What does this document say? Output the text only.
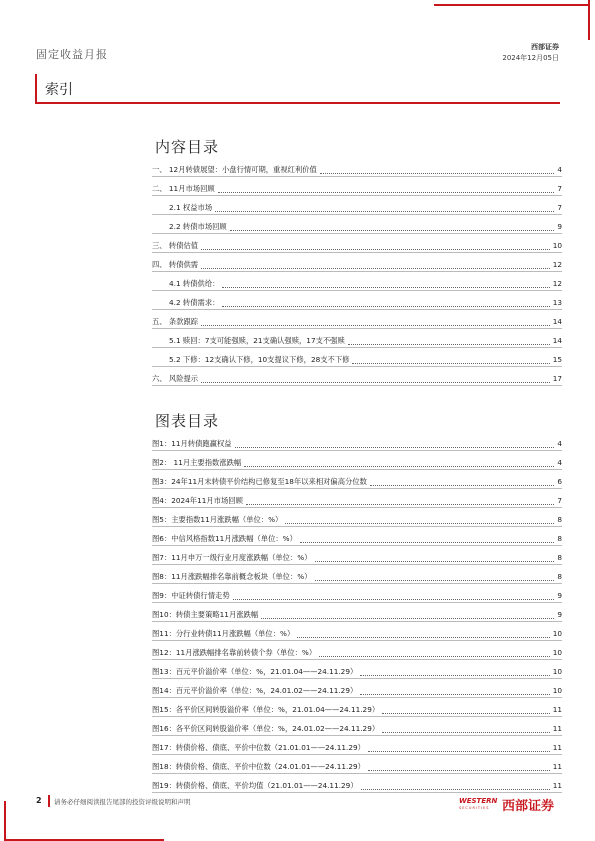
固定收益月报
西部证券
2024年12月05日
索引
内容目录
一、 12月转债展望：小盘行情可期，重视红利价值	4
二、 11月市场回顾	7
2.1 权益市场	7
2.2 转债市场回顾	9
三、 转债估值	10
四、 转债供需	12
4.1 转债供给：	12
4.2 转债需求：	13
五、 条款跟踪	14
5.1 赎回：7支可能强赎，21支确认强赎，17支不强赎	14
5.2 下修：12支确认下修，10支提议下修，28支不下修	15
六、 风险提示	17
图表目录
图1：11月转债跑赢权益	4
图2： 11月主要指数涨跌幅	4
图3：24年11月末转债平价结构已修复至18年以来相对偏高分位数	6
图4：2024年11月市场回顾	7
图5：主要指数11月涨跌幅（单位：%）	8
图6：中信风格指数11月涨跌幅（单位：%）	8
图7：11月申万一级行业月度涨跌幅（单位：%）	8
图8：11月涨跌幅排名靠前概念板块（单位：%）	8
图9：中证转债行情走势	9
图10：转债主要策略11月涨跌幅	9
图11：分行业转债11月涨跌幅（单位：%）	10
图12：11月涨跌幅排名靠前转债个券（单位：%）	10
图13：百元平价溢价率（单位：%，21.01.04——24.11.29）	10
图14：百元平价溢价率（单位：%，24.01.02——24.11.29）	10
图15：各平价区间转股溢价率（单位：%，21.01.04——24.11.29）	11
图16：各平价区间转股溢价率（单位：%，24.01.02——24.11.29）	11
图17：转债价格、债底、平价中位数（21.01.01——24.11.29）	11
图18：转债价格、债底、平价中位数（24.01.01——24.11.29）	11
图19：转债价格、债底、平价均值（21.01.01——24.11.29）	11
2 请务必仔细阅读报告尾部的投资评级说明和声明	WESTERN
SECURITIES 西部证券
